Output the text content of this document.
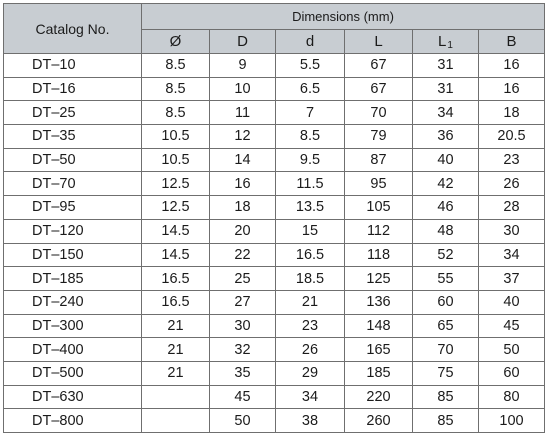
Catalog No.	Dimensions (mm)					
	Ø	D	d	L	L1	B
DT–10	8.5	9	5.5	67	31	16
DT–16	8.5	10	6.5	67	31	16
DT–25	8.5	11	7	70	34	18
DT–35	10.5	12	8.5	79	36	20.5
DT–50	10.5	14	9.5	87	40	23
DT–70	12.5	16	11.5	95	42	26
DT–95	12.5	18	13.5	105	46	28
DT–120	14.5	20	15	112	48	30
DT–150	14.5	22	16.5	118	52	34
DT–185	16.5	25	18.5	125	55	37
DT–240	16.5	27	21	136	60	40
DT–300	21	30	23	148	65	45
DT–400	21	32	26	165	70	50
DT–500	21	35	29	185	75	60
DT–630		45	34	220	85	80
DT–800		50	38	260	85	100
